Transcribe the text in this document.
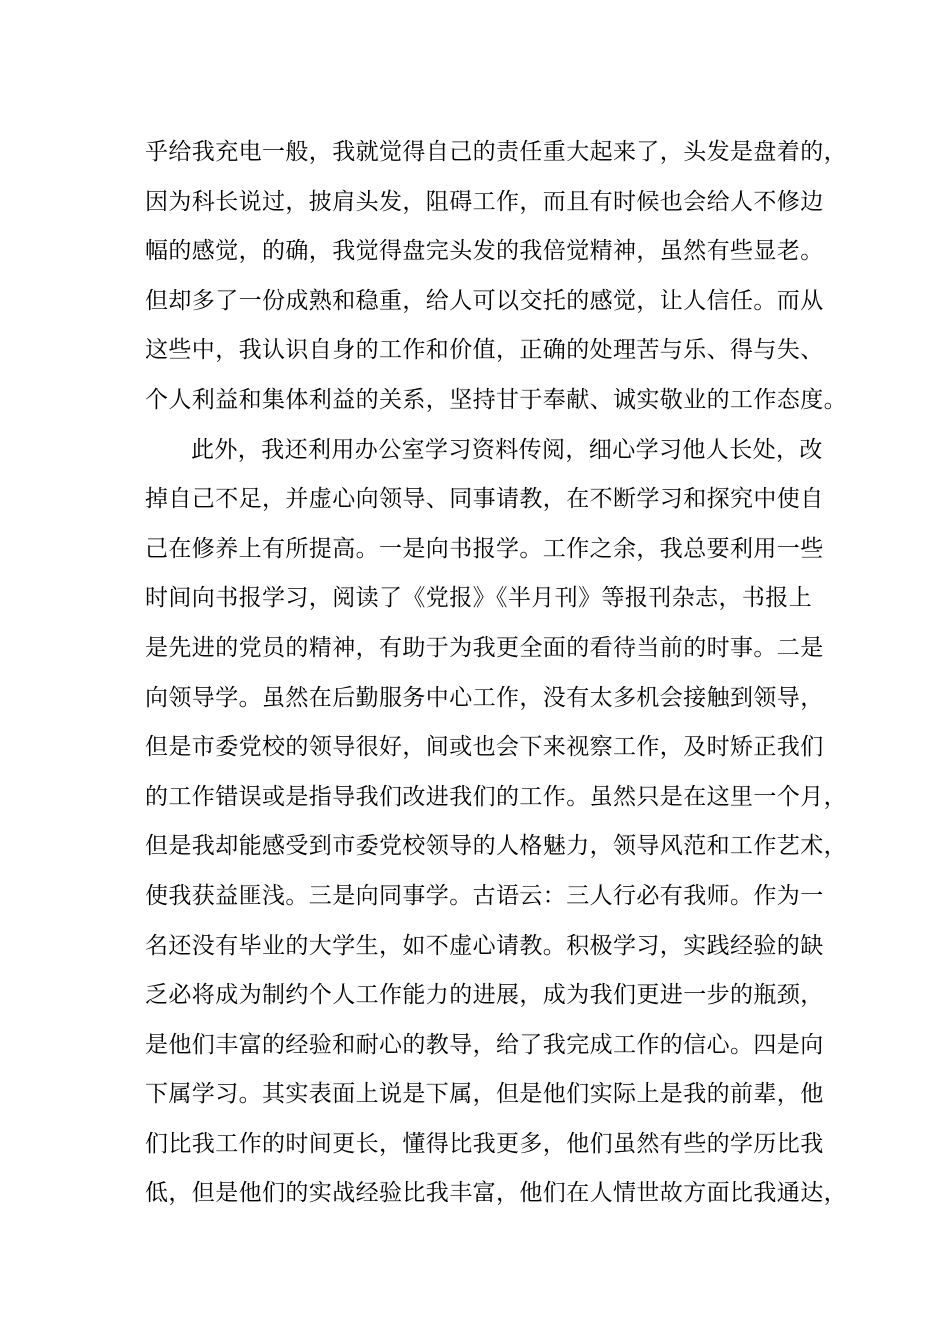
乎给我充电一般，我就觉得自己的责任重大起来了，头发是盘着的，
因为科长说过，披肩头发，阻碍工作，而且有时候也会给人不修边
幅的感觉，的确，我觉得盘完头发的我倍觉精神，虽然有些显老。
但却多了一份成熟和稳重，给人可以交托的感觉，让人信任。而从
这些中，我认识自身的工作和价值，正确的处理苦与乐、得与失、
个人利益和集体利益的关系，坚持甘于奉献、诚实敬业的工作态度。
此外，我还利用办公室学习资料传阅，细心学习他人长处，改
掉自己不足，并虚心向领导、同事请教，在不断学习和探究中使自
己在修养上有所提高。一是向书报学。工作之余，我总要利用一些
时间向书报学习，阅读了《党报》《半月刊》等报刊杂志，书报上
是先进的党员的精神，有助于为我更全面的看待当前的时事。二是
向领导学。虽然在后勤服务中心工作，没有太多机会接触到领导，
但是市委党校的领导很好，间或也会下来视察工作，及时矫正我们
的工作错误或是指导我们改进我们的工作。虽然只是在这里一个月，
但是我却能感受到市委党校领导的人格魅力，领导风范和工作艺术，
使我获益匪浅。三是向同事学。古语云：三人行必有我师。作为一
名还没有毕业的大学生，如不虚心请教。积极学习，实践经验的缺
乏必将成为制约个人工作能力的进展，成为我们更进一步的瓶颈，
是他们丰富的经验和耐心的教导，给了我完成工作的信心。四是向
下属学习。其实表面上说是下属，但是他们实际上是我的前辈，他
们比我工作的时间更长，懂得比我更多，他们虽然有些的学历比我
低，但是他们的实战经验比我丰富，他们在人情世故方面比我通达，
